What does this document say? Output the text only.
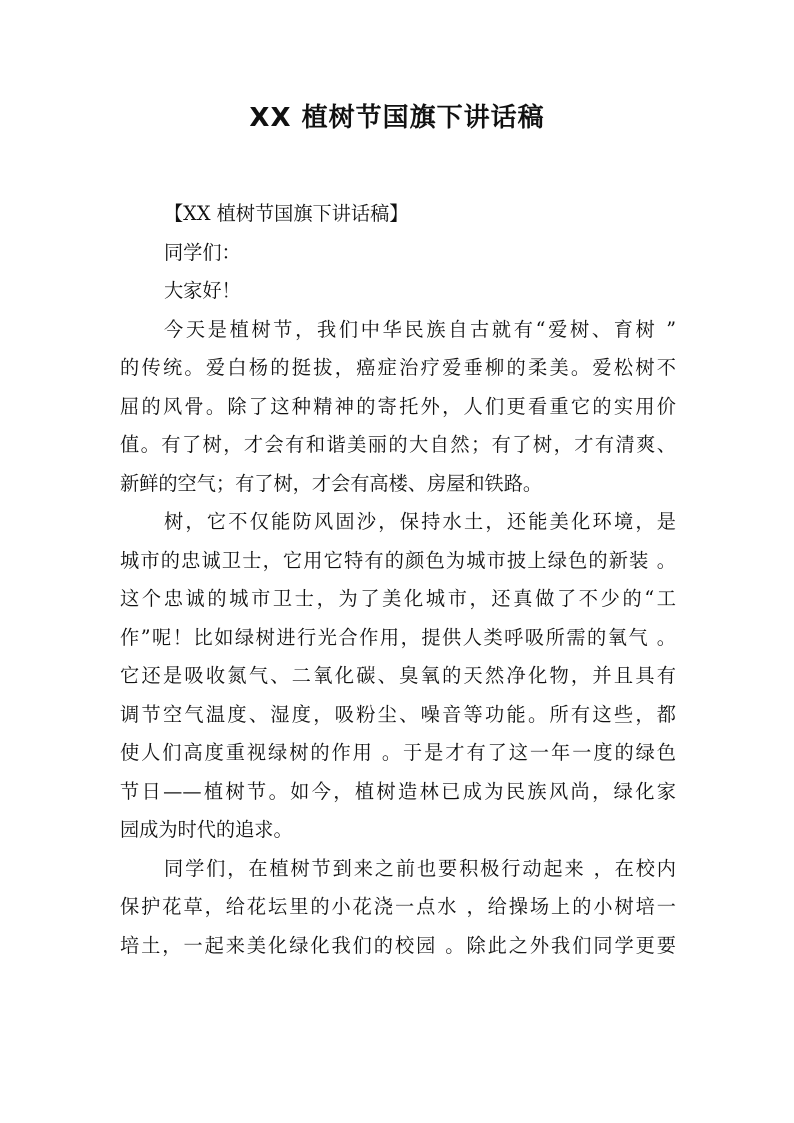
XX 植树节国旗下讲话稿

【XX 植树节国旗下讲话稿】

同学们：

大家好！

今天是植树节，我们中华民族自古就有“爱树、育树 ”
的传统。爱白杨的挺拔，癌症治疗爱垂柳的柔美。爱松树不
屈的风骨。除了这种精神的寄托外，人们更看重它的实用价
值。有了树，才会有和谐美丽的大自然；有了树，才有清爽、
新鲜的空气；有了树，才会有高楼、房屋和铁路。

树，它不仅能防风固沙，保持水土，还能美化环境，是
城市的忠诚卫士，它用它特有的颜色为城市披上绿色的新装 。
这个忠诚的城市卫士，为了美化城市，还真做了不少的“工
作”呢！比如绿树进行光合作用，提供人类呼吸所需的氧气 。
它还是吸收氮气、二氧化碳、臭氧的天然净化物，并且具有
调节空气温度、湿度，吸粉尘、噪音等功能。所有这些，都
使人们高度重视绿树的作用 。于是才有了这一年一度的绿色
节日——植树节。如今，植树造林已成为民族风尚，绿化家
园成为时代的追求。

同学们，在植树节到来之前也要积极行动起来 ，在校内
保护花草，给花坛里的小花浇一点水 ，给操场上的小树培一
培土，一起来美化绿化我们的校园 。除此之外我们同学更要
